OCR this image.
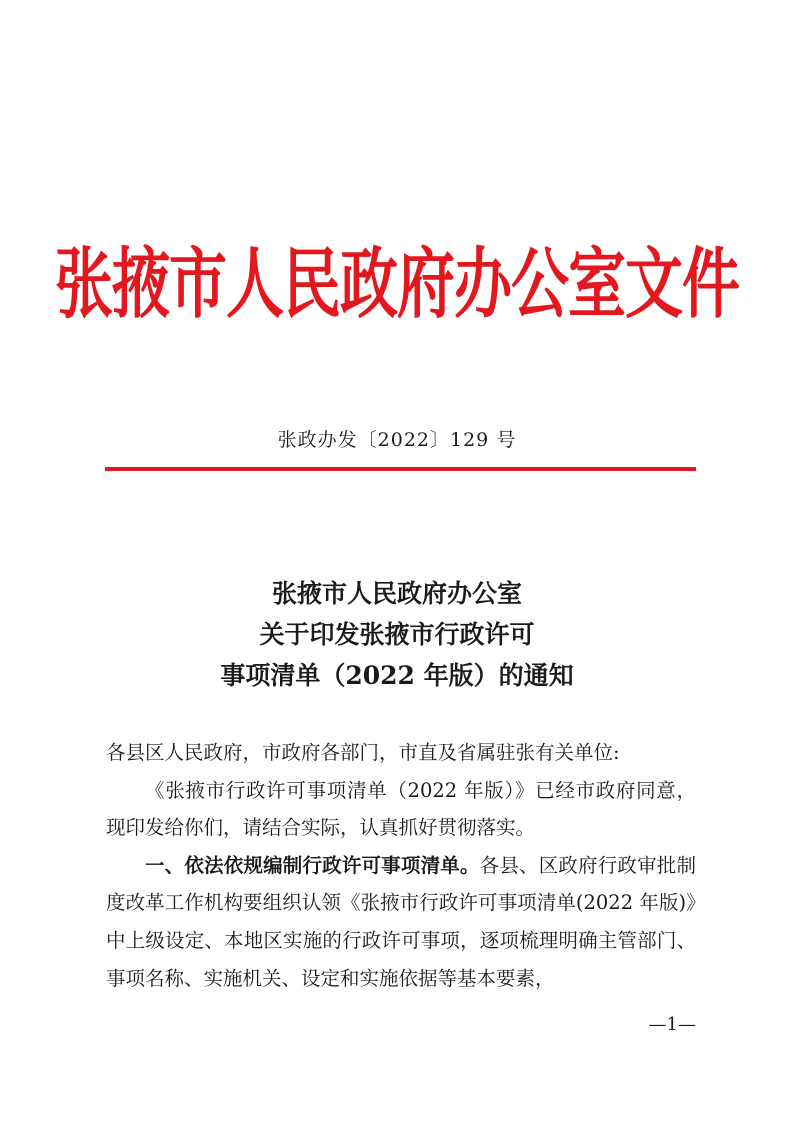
张掖市人民政府办公室文件
张政办发〔2022〕129 号
张掖市人民政府办公室
关于印发张掖市行政许可
事项清单（2022 年版）的通知

各县区人民政府，市政府各部门，市直及省属驻张有关单位:

《张掖市行政许可事项清单（2022 年版）》已经市政府同意，现印发给你们，请结合实际，认真抓好贯彻落实。

一、依法依规编制行政许可事项清单。各县、区政府行政审批制度改革工作机构要组织认领《张掖市行政许可事项清单(2022 年版)》中上级设定、本地区实施的行政许可事项，逐项梳理明确主管部门、事项名称、实施机关、设定和实施依据等基本要素，

—1—
